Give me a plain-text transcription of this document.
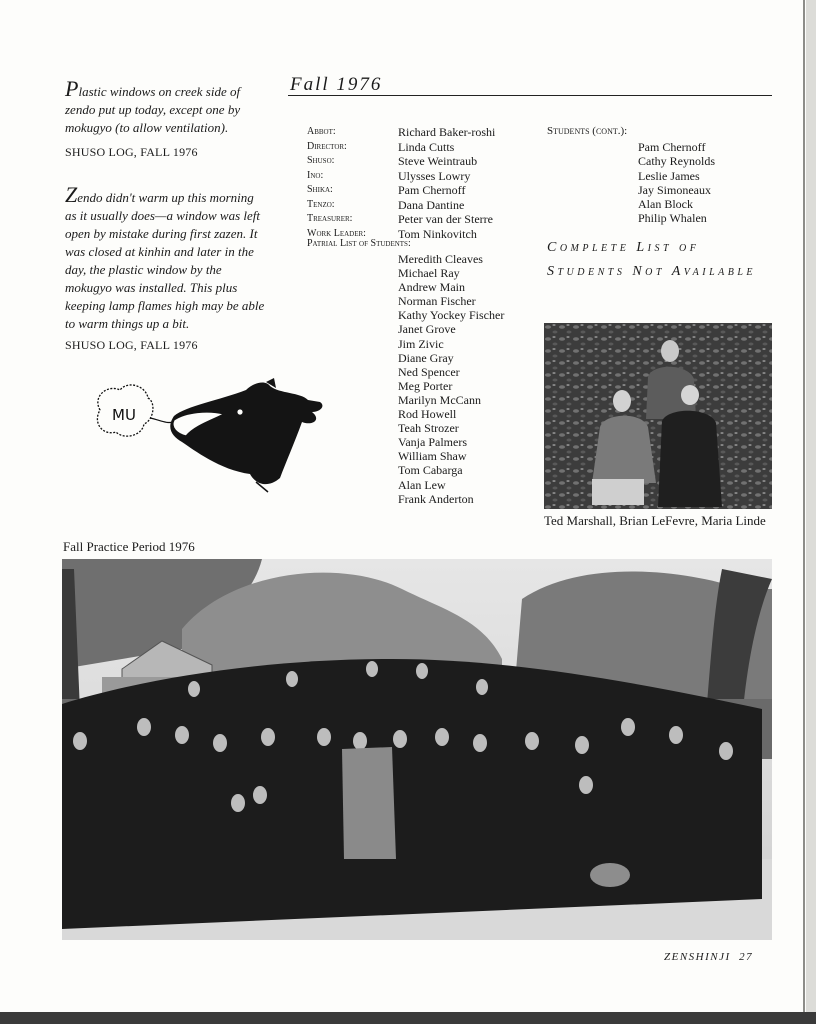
Plastic windows on creek side of zendo put up today, except one by mokugyo (to allow ventilation).
SHUSO LOG, FALL 1976
Zendo didn't warm up this morning as it usually does—a window was left open by mistake during first zazen. It was closed at kinhin and later in the day, the plastic window by the mokugyo was installed. This plus keeping lamp flames high may be able to warm things up a bit.
SHUSO LOG, FALL 1976
MU
Fall 1976
Abbot:
Director:
Shuso:
Ino:
Shika:
Tenzo:
Treasurer:
Work Leader:
Richard Baker-roshi
Linda Cutts
Steve Weintraub
Ulysses Lowry
Pam Chernoff
Dana Dantine
Peter van der Sterre
Tom Ninkovitch
Patrial List of Students:
Meredith Cleaves
Michael Ray
Andrew Main
Norman Fischer
Kathy Yockey Fischer
Janet Grove
Jim Zivic
Diane Gray
Ned Spencer
Meg Porter
Marilyn McCann
Rod Howell
Teah Strozer
Vanja Palmers
William Shaw
Tom Cabarga
Alan Lew
Frank Anderton
Students (cont.):
Pam Chernoff
Cathy Reynolds
Leslie James
Jay Simoneaux
Alan Block
Philip Whalen
Complete List of Students Not Available
Ted Marshall, Brian LeFevre, Maria Linde
Fall Practice Period 1976
ZENSHINJI 27
